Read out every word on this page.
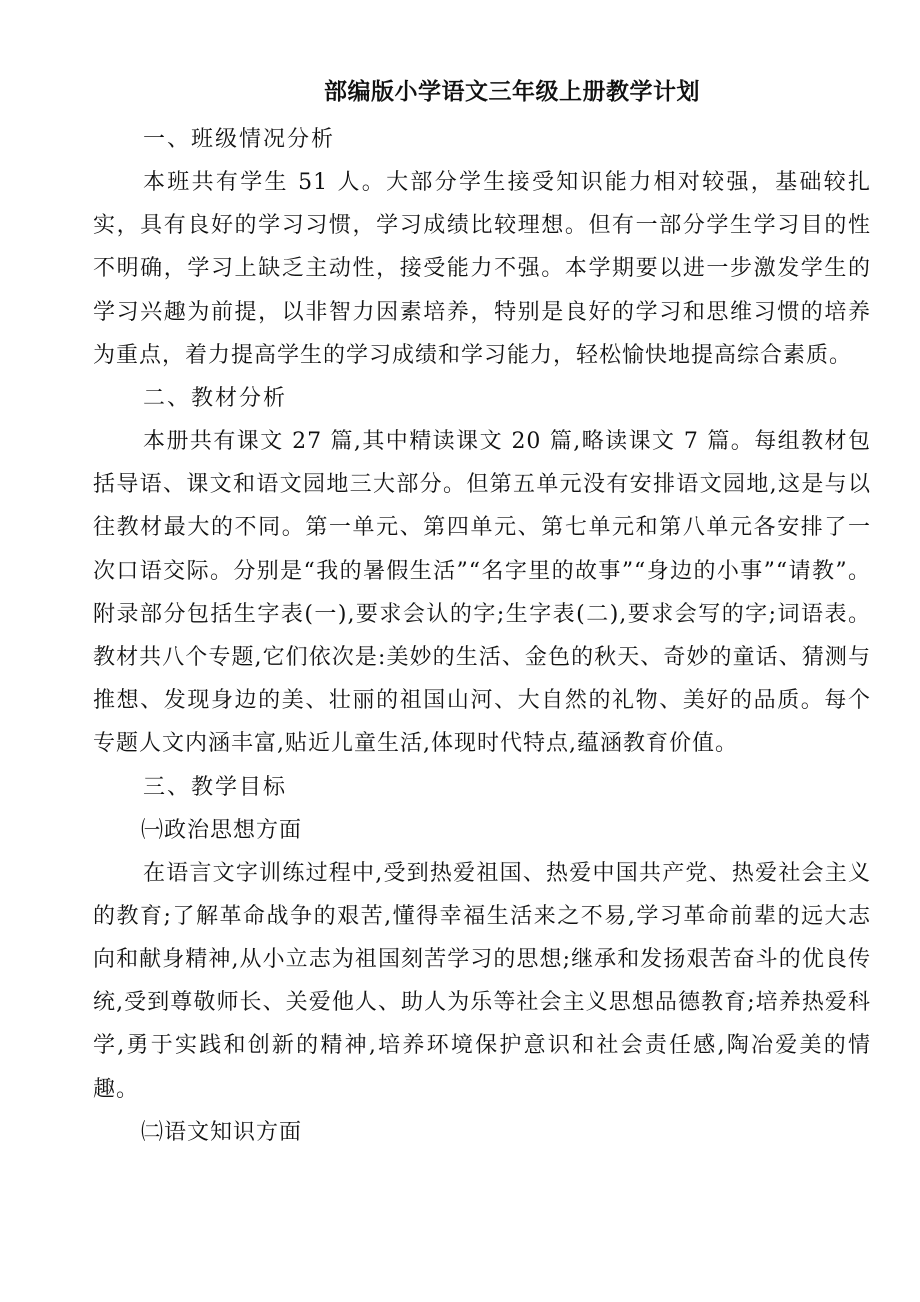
部编版小学语文三年级上册教学计划
一、班级情况分析

本班共有学生 51 人。大部分学生接受知识能力相对较强，基础较扎实，具有良好的学习习惯，学习成绩比较理想。但有一部分学生学习目的性不明确，学习上缺乏主动性，接受能力不强。本学期要以进一步激发学生的学习兴趣为前提，以非智力因素培养，特别是良好的学习和思维习惯的培养为重点，着力提高学生的学习成绩和学习能力，轻松愉快地提高综合素质。

二、教材分析

本册共有课文 27 篇,其中精读课文 20 篇,略读课文 7 篇。每组教材包括导语、课文和语文园地三大部分。但第五单元没有安排语文园地,这是与以往教材最大的不同。第一单元、第四单元、第七单元和第八单元各安排了一次口语交际。分别是“我的暑假生活”“名字里的故事”“身边的小事”“请教”。附录部分包括生字表(一),要求会认的字;生字表(二),要求会写的字;词语表。教材共八个专题,它们依次是:美妙的生活、金色的秋天、奇妙的童话、猜测与推想、发现身边的美、壮丽的祖国山河、大自然的礼物、美好的品质。每个专题人文内涵丰富,贴近儿童生活,体现时代特点,蕴涵教育价值。

三、教学目标
㈠政治思想方面

在语言文字训练过程中,受到热爱祖国、热爱中国共产党、热爱社会主义的教育;了解革命战争的艰苦,懂得幸福生活来之不易,学习革命前辈的远大志向和献身精神,从小立志为祖国刻苦学习的思想;继承和发扬艰苦奋斗的优良传统,受到尊敬师长、关爱他人、助人为乐等社会主义思想品德教育;培养热爱科学,勇于实践和创新的精神,培养环境保护意识和社会责任感,陶冶爱美的情趣。

㈡语文知识方面
